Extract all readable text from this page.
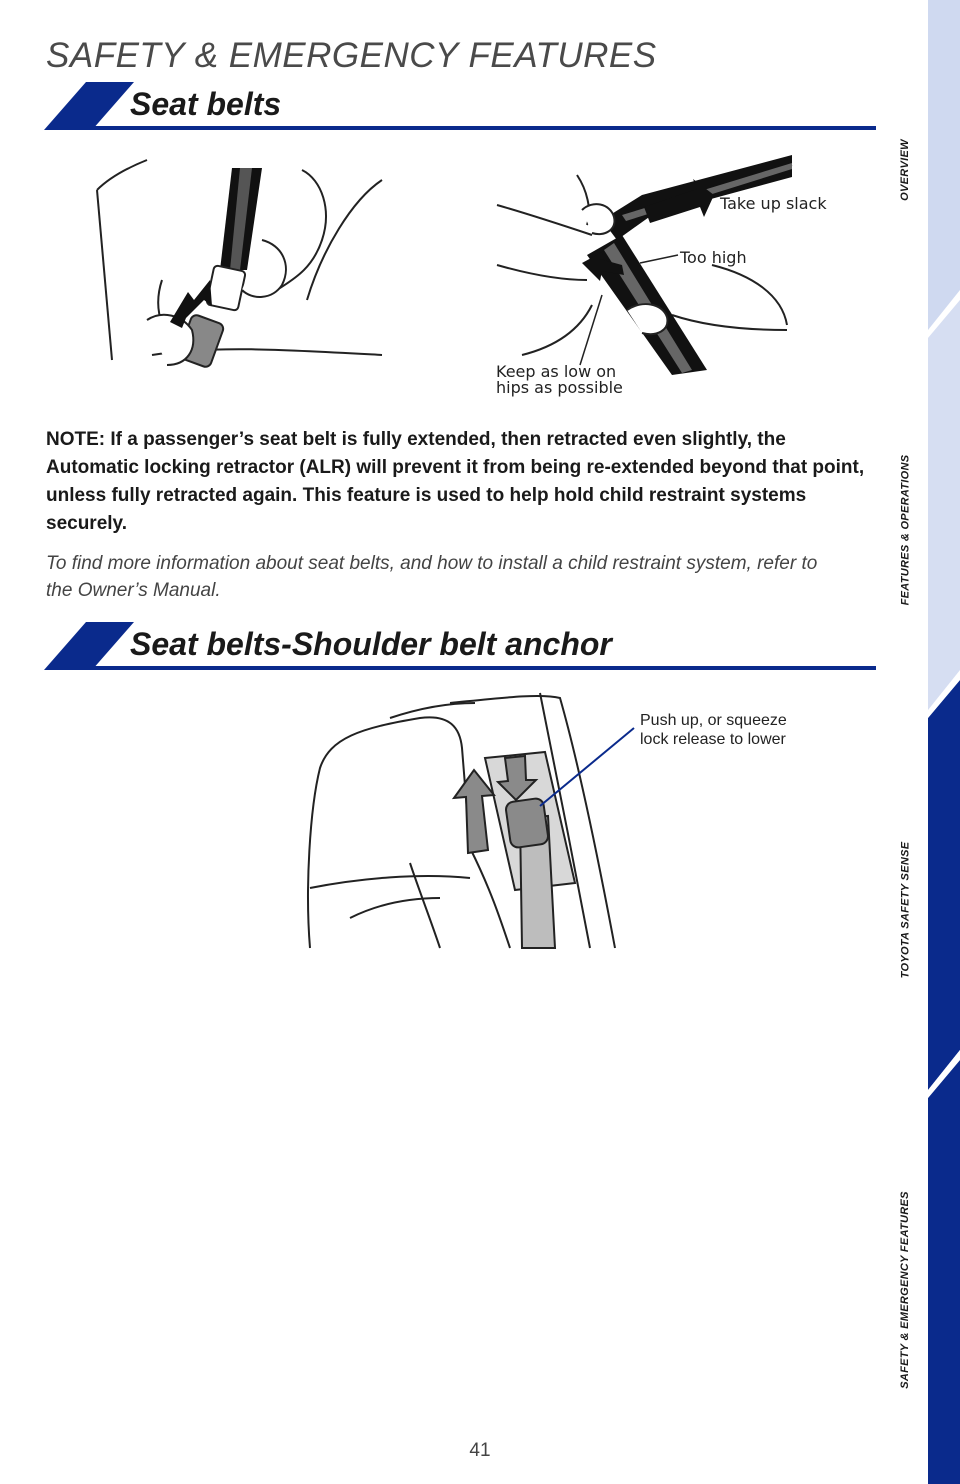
SAFETY & EMERGENCY FEATURES
Seat belts
Take up slack
Too high
Keep as low on
hips as possible

NOTE: If a passenger’s seat belt is fully extended, then retracted even slightly, the Automatic locking retractor (ALR) will prevent it from being re-extended beyond that point, unless fully retracted again. This feature is used to help hold child restraint systems securely.

To find more information about seat belts, and how to install a child restraint system, refer to the Owner’s Manual.

Seat belts-Shoulder belt anchor
Push up, or squeeze
lock release to lower
OVERVIEW
FEATURES & OPERATIONS
TOYOTA SAFETY SENSE
SAFETY & EMERGENCY FEATURES
41
